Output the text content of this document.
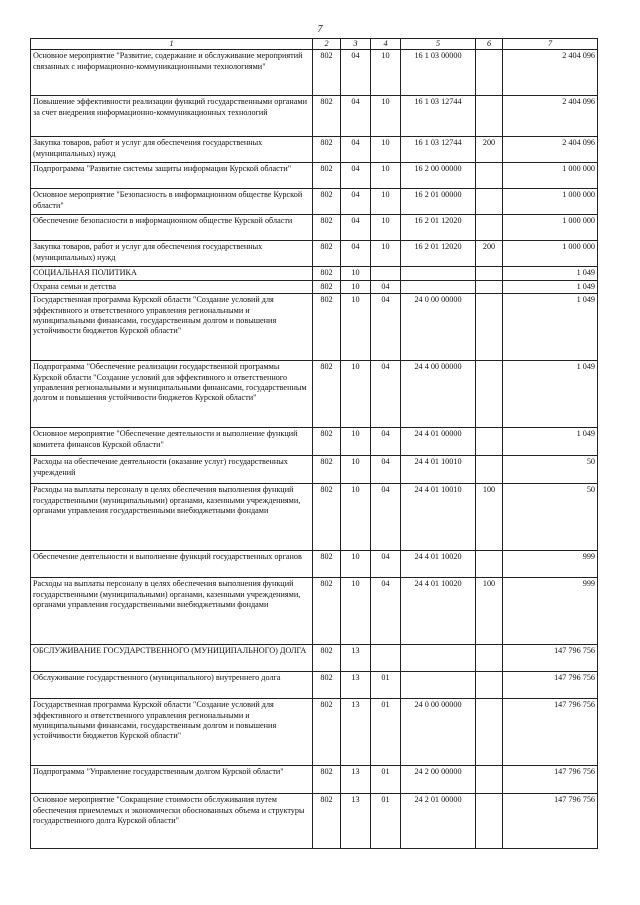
7
1	2	3	4	5	6	7
Основное мероприятие "Развитие, содержание и обслуживание мероприятий связанных с информационно-коммуникационными технологиями"	802	04	10	16 1 03 00000		2 404 096
Повышение эффективности реализации функций государственными органами за счет внедрения информационно-коммуникационных технологий	802	04	10	16 1 03 12744		2 404 096
Закупка товаров, работ и услуг для обеспечения государственных (муниципальных) нужд	802	04	10	16 1 03 12744	200	2 404 096
Подпрограмма "Развитие системы защиты информации Курской области"	802	04	10	16 2 00 00000		1 000 000
Основное мероприятие "Безопасность в информационном обществе Курской области"	802	04	10	16 2 01 00000		1 000 000
Обеспечение безопасности в информационном обществе Курской области	802	04	10	16 2 01 12020		1 000 000
Закупка товаров, работ и услуг для обеспечения государственных (муниципальных) нужд	802	04	10	16 2 01 12020	200	1 000 000
СОЦИАЛЬНАЯ ПОЛИТИКА	802	10				1 049
Охрана семьи и детства	802	10	04			1 049
Государственная программа Курской области "Создание условий для эффективного и ответственного управления региональными и муниципальными финансами, государственным долгом и повышения устойчивости бюджетов Курской области"	802	10	04	24 0 00 00000		1 049
Подпрограмма "Обеспечение реализации государственной программы Курской области "Создание условий для эффективного и ответственного управления региональными и муниципальными финансами, государственным долгом и повышения устойчивости бюджетов Курской области"	802	10	04	24 4 00 00000		1 049
Основное мероприятие "Обеспечение деятельности и выполнение функций комитета финансов Курской области"	802	10	04	24 4 01 00000		1 049
Расходы на обеспечение деятельности (оказание услуг) государственных учреждений	802	10	04	24 4 01 10010		50
Расходы на выплаты персоналу в целях обеспечения выполнения функций государственными (муниципальными) органами, казенными учреждениями, органами управления государственными внебюджетными фондами	802	10	04	24 4 01 10010	100	50
Обеспечение деятельности и выполнение функций государственных органов	802	10	04	24 4 01 10020		999
Расходы на выплаты персоналу в целях обеспечения выполнения функций государственными (муниципальными) органами, казенными учреждениями, органами управления государственными внебюджетными фондами	802	10	04	24 4 01 10020	100	999
ОБСЛУЖИВАНИЕ ГОСУДАРСТВЕННОГО (МУНИЦИПАЛЬНОГО) ДОЛГА	802	13				147 796 756
Обслуживание государственного (муниципального) внутреннего долга	802	13	01			147 796 756
Государственная программа Курской области "Создание условий для эффективного и ответственного управления региональными и муниципальными финансами, государственным долгом и повышения устойчивости бюджетов Курской области"	802	13	01	24 0 00 00000		147 796 756
Подпрограмма "Управление государственным долгом Курской области"	802	13	01	24 2 00 00000		147 796 756
Основное мероприятие "Сокращение стоимости обслуживания путем обеспечения приемлемых и экономически обоснованных объема и структуры государственного долга Курской области"	802	13	01	24 2 01 00000		147 796 756
